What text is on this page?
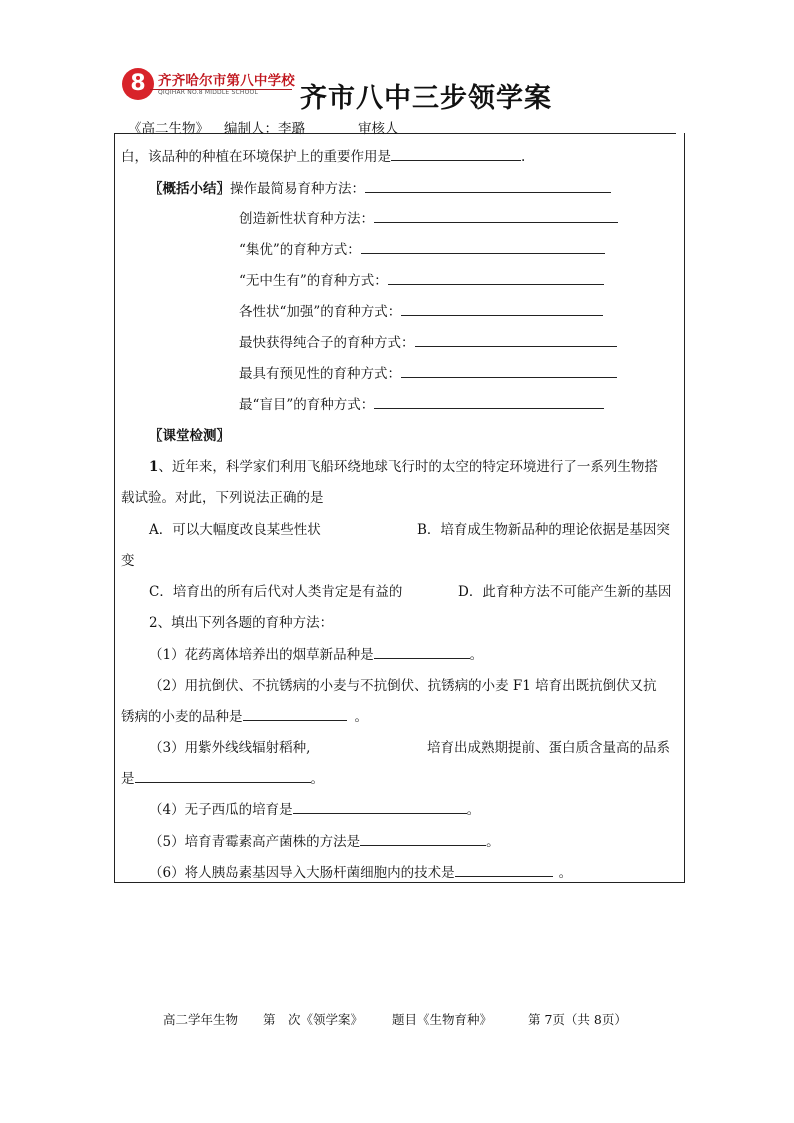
8 齐齐哈尔市第八中学校
QIQIHAR NO.8 MIDDLE SCHOOL 齐市八中三步领学案
《高二生物》 编制人：李璐	审核人
白，该品种的种植在环境保护上的重要作用是	.
〖概括小结〗操作最简易育种方法：
创造新性状育种方法：
“集优”的育种方式：
“无中生有”的育种方式：
各性状“加强”的育种方式：
最快获得纯合子的育种方式：
最具有预见性的育种方式：
最“盲目”的育种方式：
〖课堂检测〗
1、近年来，科学家们利用飞船环绕地球飞行时的太空的特定环境进行了一系列生物搭
载试验。对此，下列说法正确的是
A．可以大幅度改良某些性状	B．培育成生物新品种的理论依据是基因突
变
C．培育出的所有后代对人类肯定是有益的	D．此育种方法不可能产生新的基因
2、填出下列各题的育种方法：
（1）花药离体培养出的烟草新品种是	。
（2）用抗倒伏、不抗锈病的小麦与不抗倒伏、抗锈病的小麦 F1 培育出既抗倒伏又抗
锈病的小麦的品种是	。
（3）用紫外线线辐射稻种,	培育出成熟期提前、蛋白质含量高的品系
是	。
（4）无子西瓜的培育是	。
（5）培育青霉素高产菌株的方法是	。
（6）将人胰岛素基因导入大肠杆菌细胞内的技术是	。
高二学年生物 第　次《领学案》 题目《生物育种》	第 7页（共 8页）
